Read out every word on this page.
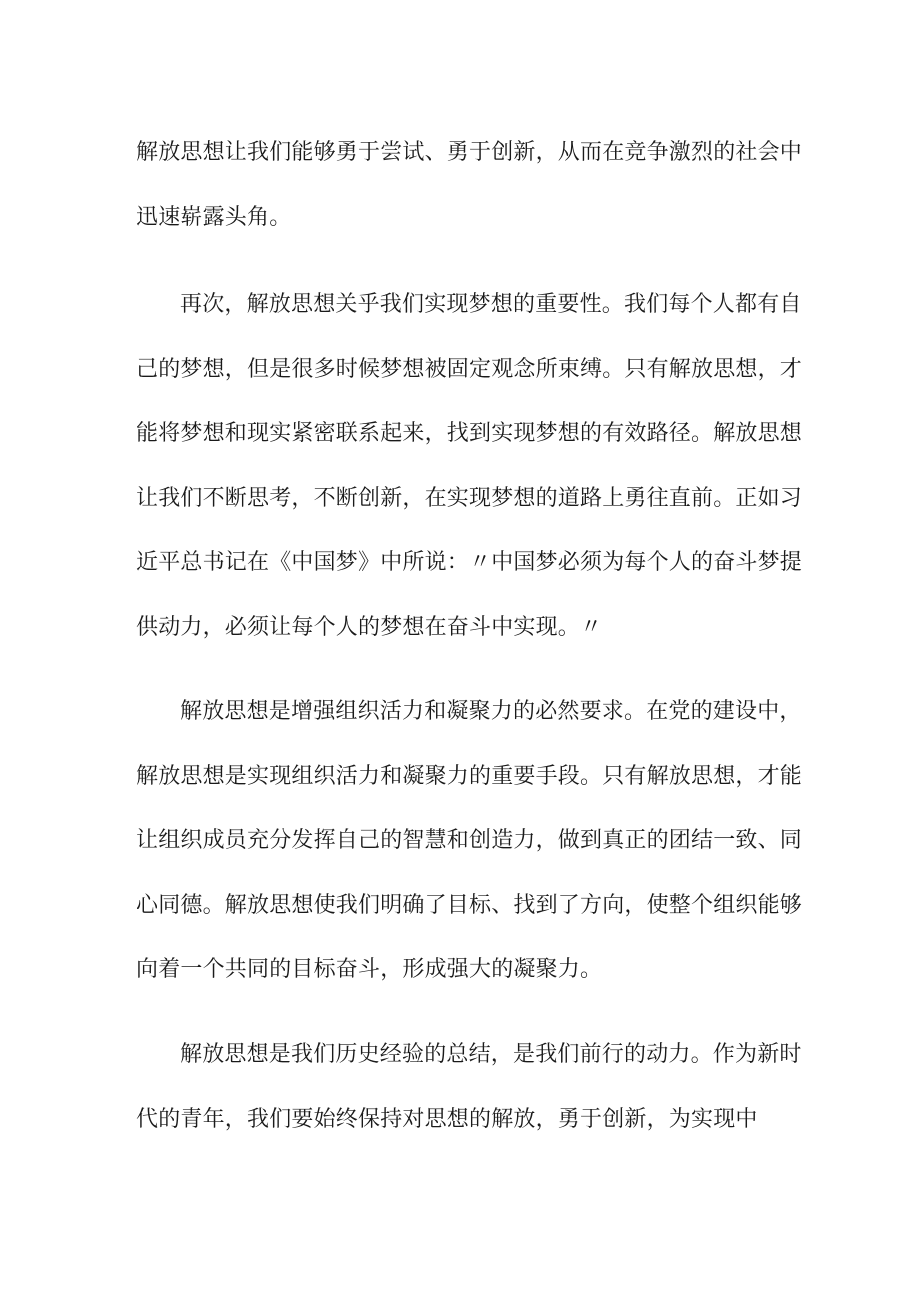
解放思想让我们能够勇于尝试、勇于创新，从而在竞争激烈的社会中
迅速崭露头角。
再次，解放思想关乎我们实现梦想的重要性。我们每个人都有自
己的梦想，但是很多时候梦想被固定观念所束缚。只有解放思想，才
能将梦想和现实紧密联系起来，找到实现梦想的有效路径。解放思想
让我们不断思考，不断创新，在实现梦想的道路上勇往直前。正如习
近平总书记在《中国梦》中所说：〃中国梦必须为每个人的奋斗梦提
供动力，必须让每个人的梦想在奋斗中实现。〃
解放思想是增强组织活力和凝聚力的必然要求。在党的建设中，
解放思想是实现组织活力和凝聚力的重要手段。只有解放思想，才能
让组织成员充分发挥自己的智慧和创造力，做到真正的团结一致、同
心同德。解放思想使我们明确了目标、找到了方向，使整个组织能够
向着一个共同的目标奋斗，形成强大的凝聚力。
解放思想是我们历史经验的总结，是我们前行的动力。作为新时
代的青年，我们要始终保持对思想的解放，勇于创新，为实现中
